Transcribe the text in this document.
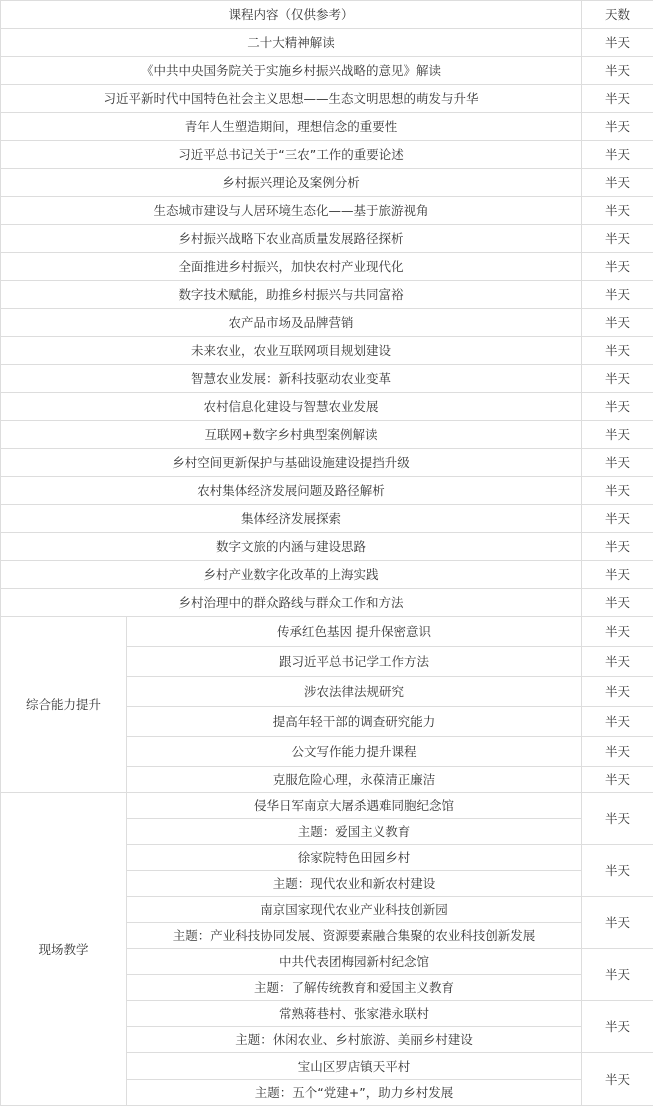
课程内容（仅供参考）		天数
二十大精神解读		半天
《中共中央国务院关于实施乡村振兴战略的意见》解读		半天
习近平新时代中国特色社会主义思想——生态文明思想的萌发与升华		半天
青年人生塑造期间，理想信念的重要性		半天
习近平总书记关于“三农”工作的重要论述		半天
乡村振兴理论及案例分析		半天
生态城市建设与人居环境生态化——基于旅游视角		半天
乡村振兴战略下农业高质量发展路径探析		半天
全面推进乡村振兴，加快农村产业现代化		半天
数字技术赋能，助推乡村振兴与共同富裕		半天
农产品市场及品牌营销		半天
未来农业，农业互联网项目规划建设		半天
智慧农业发展：新科技驱动农业变革		半天
农村信息化建设与智慧农业发展		半天
互联网+数字乡村典型案例解读		半天
乡村空间更新保护与基础设施建设提挡升级		半天
农村集体经济发展问题及路径解析		半天
集体经济发展探索		半天
数字文旅的内涵与建设思路		半天
乡村产业数字化改革的上海实践		半天
乡村治理中的群众路线与群众工作和方法		半天
综合能力提升	传承红色基因 提升保密意识	半天
	跟习近平总书记学工作方法	半天
	涉农法律法规研究	半天
	提高年轻干部的调查研究能力	半天
	公文写作能力提升课程	半天
	克服危险心理，永葆清正廉洁	半天
现场教学	侵华日军南京大屠杀遇难同胞纪念馆	半天
	主题：爱国主义教育	
	徐家院特色田园乡村	半天
	主题：现代农业和新农村建设	
	南京国家现代农业产业科技创新园	半天
	主题：产业科技协同发展、资源要素融合集聚的农业科技创新发展	
	中共代表团梅园新村纪念馆	半天
	主题：了解传统教育和爱国主义教育	
	常熟蒋巷村、张家港永联村	半天
	主题：休闲农业、乡村旅游、美丽乡村建设	
	宝山区罗店镇天平村	半天
	主题：五个“党建+”，助力乡村发展	
